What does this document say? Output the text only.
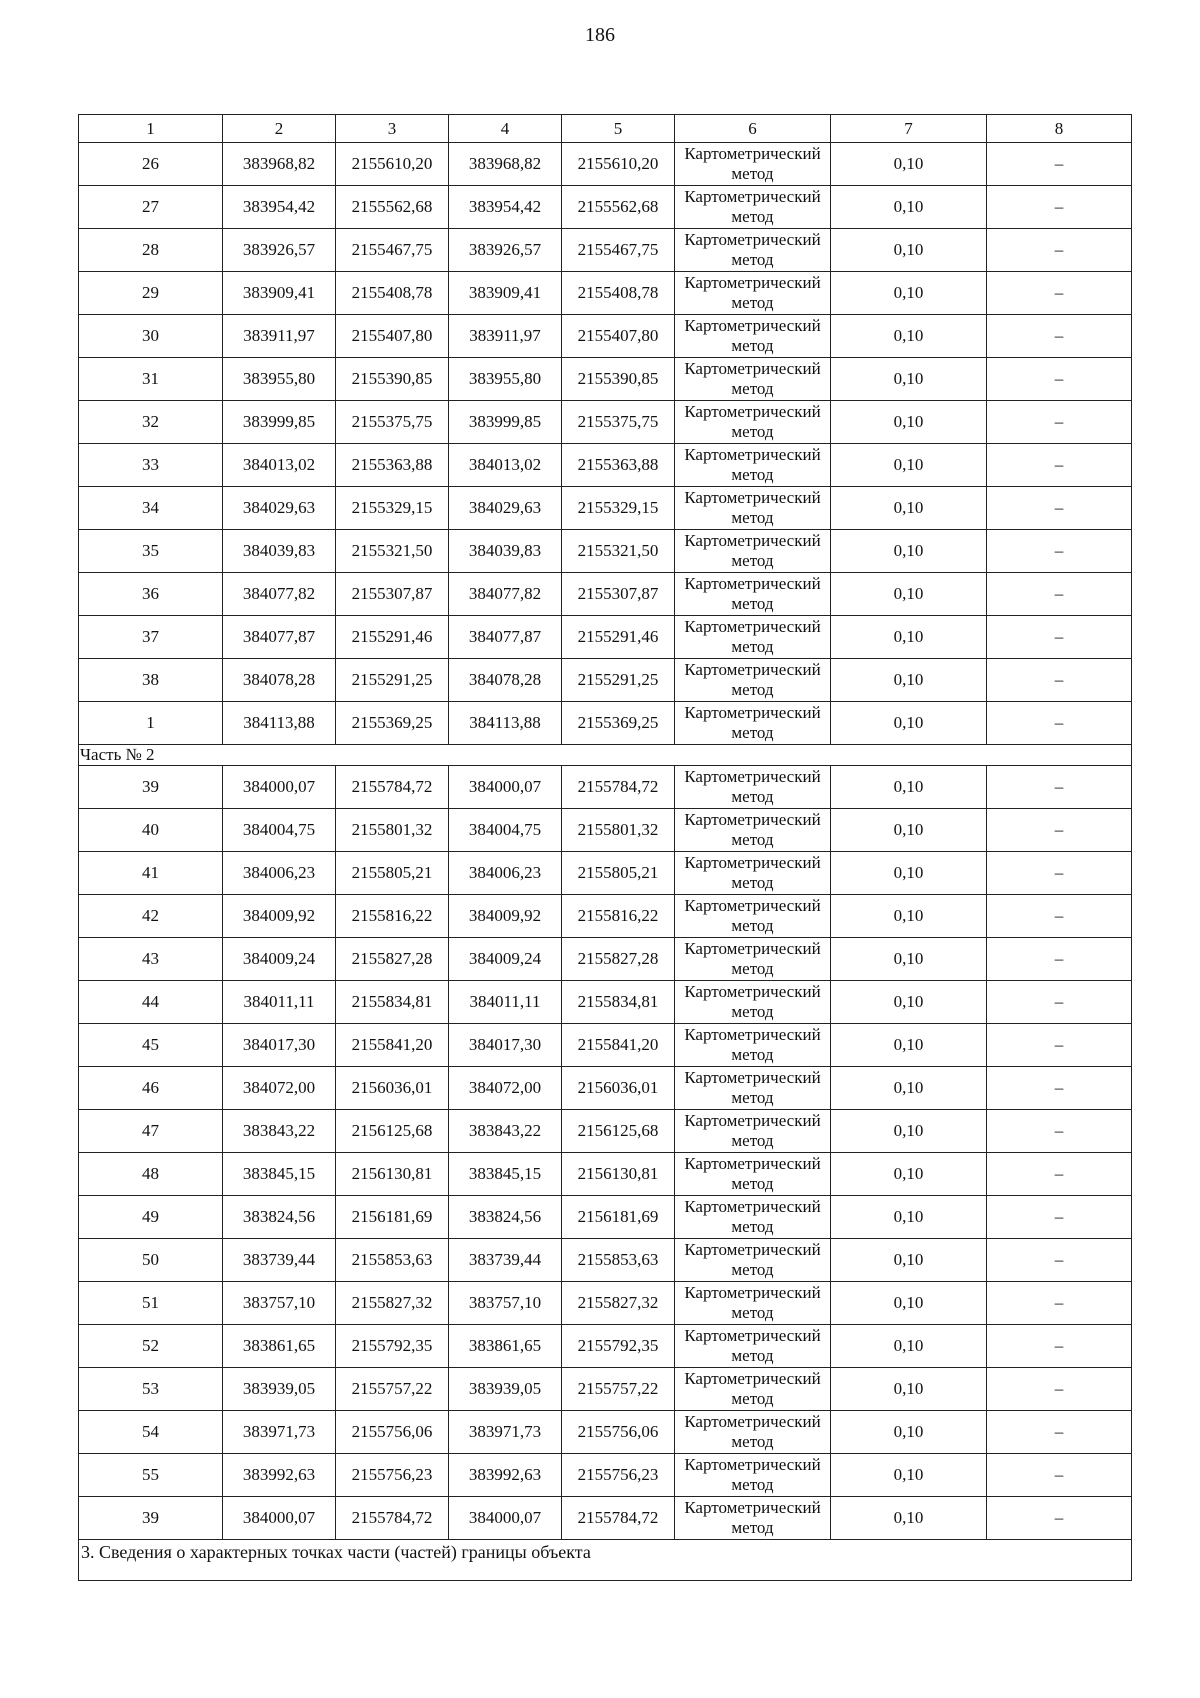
186
1	2	3	4	5	6	7	8
26	383968,82	2155610,20	383968,82	2155610,20	Картометрический метод	0,10	–
27	383954,42	2155562,68	383954,42	2155562,68	Картометрический метод	0,10	–
28	383926,57	2155467,75	383926,57	2155467,75	Картометрический метод	0,10	–
29	383909,41	2155408,78	383909,41	2155408,78	Картометрический метод	0,10	–
30	383911,97	2155407,80	383911,97	2155407,80	Картометрический метод	0,10	–
31	383955,80	2155390,85	383955,80	2155390,85	Картометрический метод	0,10	–
32	383999,85	2155375,75	383999,85	2155375,75	Картометрический метод	0,10	–
33	384013,02	2155363,88	384013,02	2155363,88	Картометрический метод	0,10	–
34	384029,63	2155329,15	384029,63	2155329,15	Картометрический метод	0,10	–
35	384039,83	2155321,50	384039,83	2155321,50	Картометрический метод	0,10	–
36	384077,82	2155307,87	384077,82	2155307,87	Картометрический метод	0,10	–
37	384077,87	2155291,46	384077,87	2155291,46	Картометрический метод	0,10	–
38	384078,28	2155291,25	384078,28	2155291,25	Картометрический метод	0,10	–
1	384113,88	2155369,25	384113,88	2155369,25	Картометрический метод	0,10	–
Часть № 2							
39	384000,07	2155784,72	384000,07	2155784,72	Картометрический метод	0,10	–
40	384004,75	2155801,32	384004,75	2155801,32	Картометрический метод	0,10	–
41	384006,23	2155805,21	384006,23	2155805,21	Картометрический метод	0,10	–
42	384009,92	2155816,22	384009,92	2155816,22	Картометрический метод	0,10	–
43	384009,24	2155827,28	384009,24	2155827,28	Картометрический метод	0,10	–
44	384011,11	2155834,81	384011,11	2155834,81	Картометрический метод	0,10	–
45	384017,30	2155841,20	384017,30	2155841,20	Картометрический метод	0,10	–
46	384072,00	2156036,01	384072,00	2156036,01	Картометрический метод	0,10	–
47	383843,22	2156125,68	383843,22	2156125,68	Картометрический метод	0,10	–
48	383845,15	2156130,81	383845,15	2156130,81	Картометрический метод	0,10	–
49	383824,56	2156181,69	383824,56	2156181,69	Картометрический метод	0,10	–
50	383739,44	2155853,63	383739,44	2155853,63	Картометрический метод	0,10	–
51	383757,10	2155827,32	383757,10	2155827,32	Картометрический метод	0,10	–
52	383861,65	2155792,35	383861,65	2155792,35	Картометрический метод	0,10	–
53	383939,05	2155757,22	383939,05	2155757,22	Картометрический метод	0,10	–
54	383971,73	2155756,06	383971,73	2155756,06	Картометрический метод	0,10	–
55	383992,63	2155756,23	383992,63	2155756,23	Картометрический метод	0,10	–
39	384000,07	2155784,72	384000,07	2155784,72	Картометрический метод	0,10	–
3. Сведения о характерных точках части (частей) границы объекта							
